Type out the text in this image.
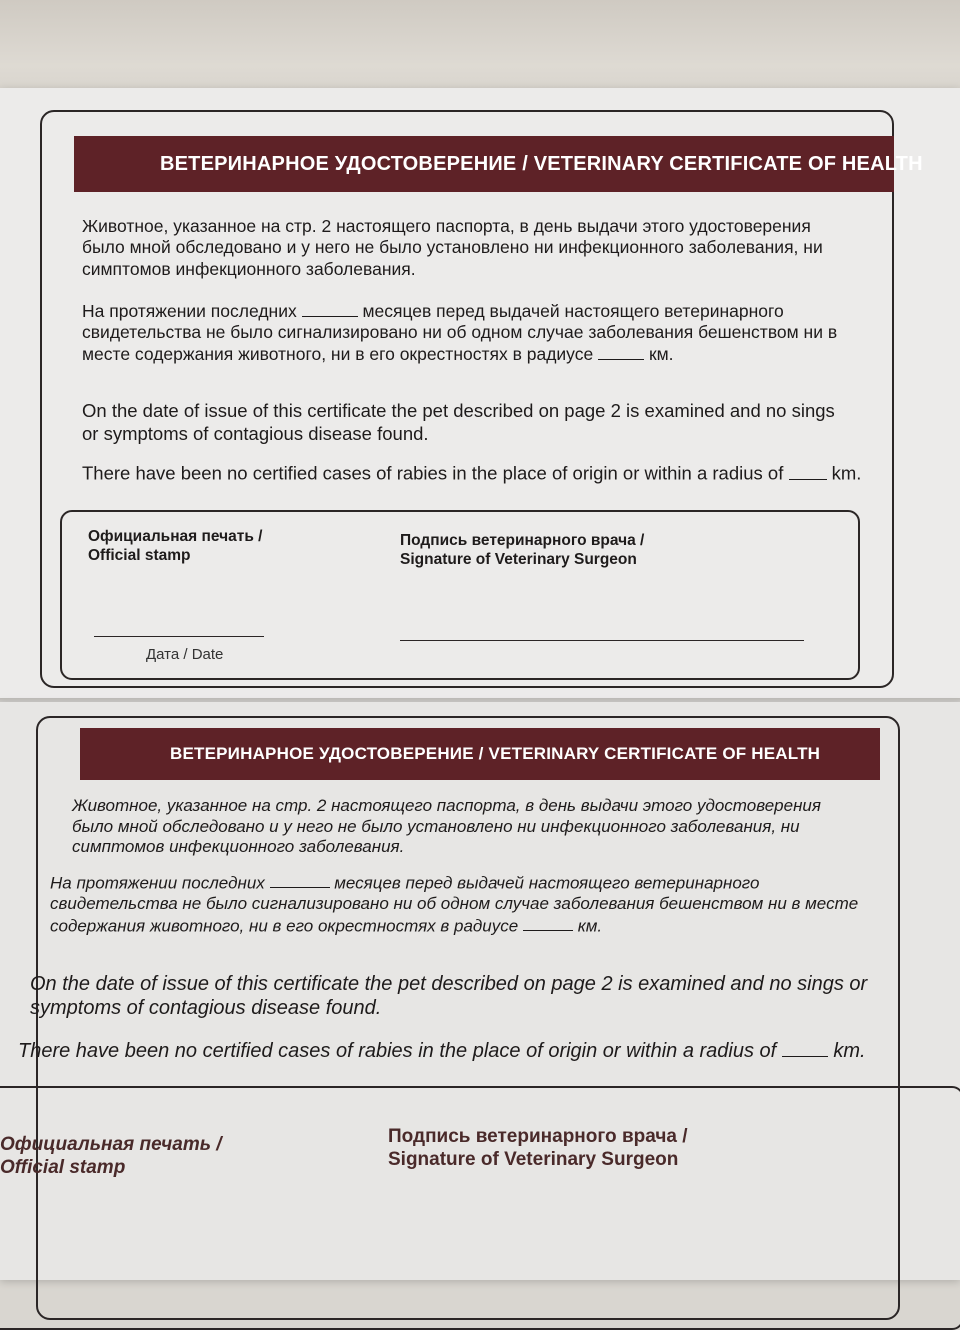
ВЕТЕРИНАРНОЕ УДОСТОВЕРЕНИЕ / VETERINARY CERTIFICATE OF HEALTH
Животное, указанное на стр. 2 настоящего паспорта, в день выдачи этого удостоверения было мной обследовано и у него не было установлено ни инфекционного заболевания, ни симптомов инфекционного заболевания.
На протяжении последних	месяцев перед выдачей настоящего ветеринарного свидетельства не было сигнализировано ни об одном случае заболевания бешенством ни в месте содержания животного, ни в его окрестностях в радиусе	км.
On the date of issue of this certificate the pet described on page 2 is examined and no sings or symptoms of contagious disease found.
There have been no certified cases of rabies in the place of origin or within a radius of	km.
Официальная печать /
Official stamp
Подпись ветеринарного врача /
Signature of Veterinary Surgeon
Дата / Date
ВЕТЕРИНАРНОЕ УДОСТОВЕРЕНИЕ / VETERINARY CERTIFICATE OF HEALTH
Животное, указанное на стр. 2 настоящего паспорта, в день выдачи этого удостоверения было мной обследовано и у него не было установлено ни инфекционного заболевания, ни симптомов инфекционного заболевания.
На протяжении последних	месяцев перед выдачей настоящего ветеринарного свидетельства не было сигнализировано ни об одном случае заболевания бешенством ни в месте содержания животного, ни в его окрестностях в радиусе	км.
On the date of issue of this certificate the pet described on page 2 is examined and no sings or symptoms of contagious disease found.
There have been no certified cases of rabies in the place of origin or within a radius of	km.
Официальная печать /
Official stamp
Подпись ветеринарного врача /
Signature of Veterinary Surgeon
